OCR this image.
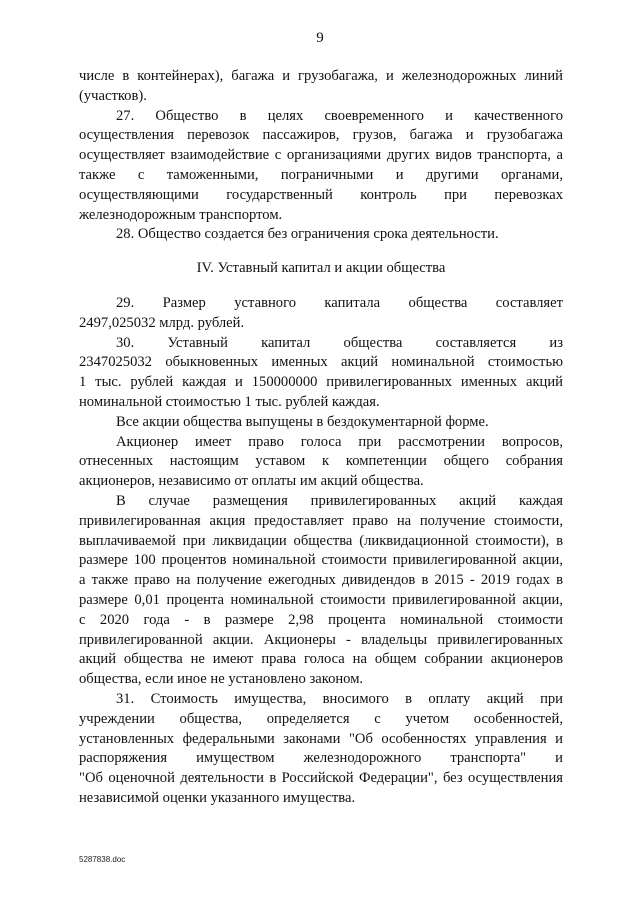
9
числе в контейнерах), багажа и грузобагажа, и железнодорожных линий
(участков).
27. Общество в целях своевременного и качественного
осуществления перевозок пассажиров, грузов, багажа и грузобагажа
осуществляет взаимодействие с организациями других видов транспорта, а
также с таможенными, пограничными и другими органами,
осуществляющими государственный контроль при перевозках
железнодорожным транспортом.
28. Общество создается без ограничения срока деятельности.
IV. Уставный капитал и акции общества
29. Размер уставного капитала общества составляет
2497,025032 млрд. рублей.
30. Уставный капитал общества составляется из
2347025032 обыкновенных именных акций номинальной стоимостью
1 тыс. рублей каждая и 150000000 привилегированных именных акций
номинальной стоимостью 1 тыс. рублей каждая.
Все акции общества выпущены в бездокументарной форме.
Акционер имеет право голоса при рассмотрении вопросов,
отнесенных настоящим уставом к компетенции общего собрания
акционеров, независимо от оплаты им акций общества.
В случае размещения привилегированных акций каждая
привилегированная акция предоставляет право на получение стоимости,
выплачиваемой при ликвидации общества (ликвидационной стоимости), в
размере 100 процентов номинальной стоимости привилегированной акции,
а также право на получение ежегодных дивидендов в 2015 - 2019 годах в
размере 0,01 процента номинальной стоимости привилегированной акции,
с 2020 года - в размере 2,98 процента номинальной стоимости
привилегированной акции. Акционеры - владельцы привилегированных
акций общества не имеют права голоса на общем собрании акционеров
общества, если иное не установлено законом.
31. Стоимость имущества, вносимого в оплату акций при
учреждении общества, определяется с учетом особенностей,
установленных федеральными законами "Об особенностях управления и
распоряжения имуществом железнодорожного транспорта" и
"Об оценочной деятельности в Российской Федерации", без осуществления
независимой оценки указанного имущества.
5287838.doc
